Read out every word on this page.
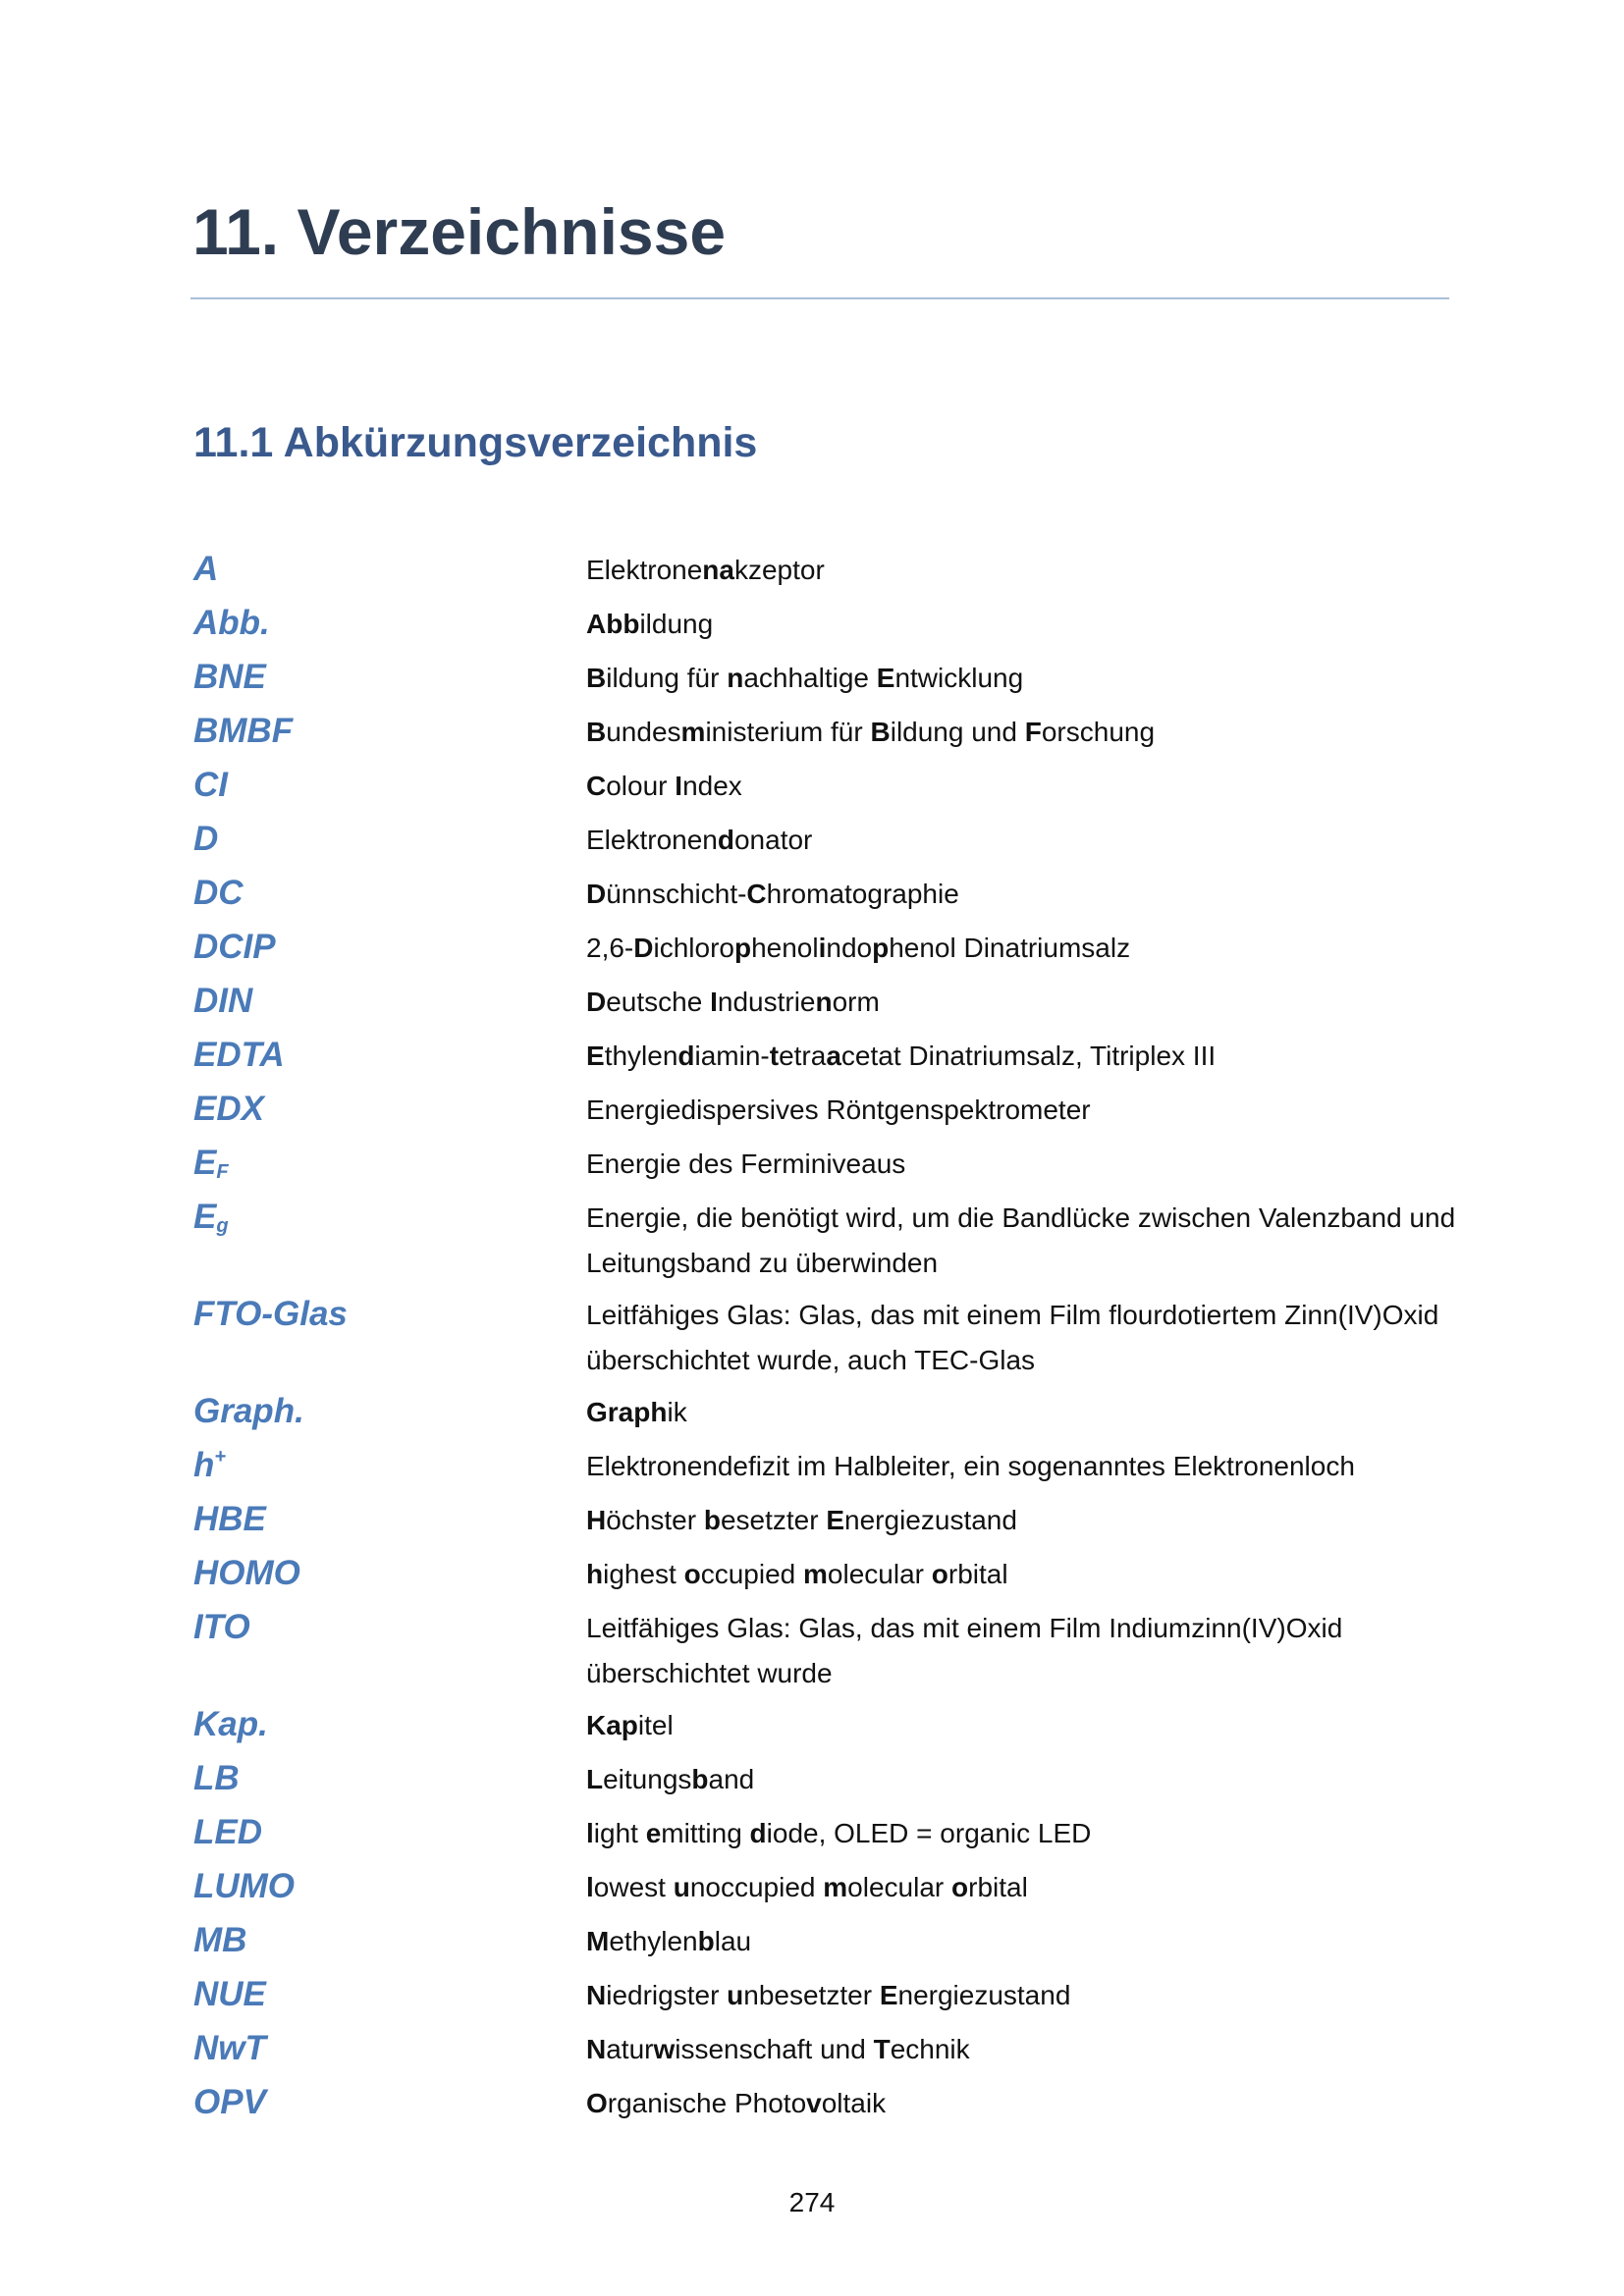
11. Verzeichnisse
11.1 Abkürzungsverzeichnis
A	Elektronenakzeptor
Abb.	Abbildung
BNE	Bildung für nachhaltige Entwicklung
BMBF	Bundesministerium für Bildung und Forschung
CI	Colour Index
D	Elektronendonator
DC	Dünnschicht-Chromatographie
DCIP	2,6-Dichlorophenolindophenol Dinatriumsalz
DIN	Deutsche Industrienorm
EDTA	Ethylendiamin-tetraacetat Dinatriumsalz, Titriplex III
EDX	Energiedispersives Röntgenspektrometer
$E_F$	Energie des Ferminiveaus
$E_g$	Energie, die benötigt wird, um die Bandlücke zwischen Valenzband und Leitungsband zu überwinden
FTO-Glas	Leitfähiges Glas: Glas, das mit einem Film flourdotiertem Zinn(IV)Oxid überschichtet wurde, auch TEC-Glas
Graph.	Graphik
h+	Elektronendefizit im Halbleiter, ein sogenanntes Elektronenloch
HBE	Höchster besetzter Energiezustand
HOMO	highest occupied molecular orbital
ITO	Leitfähiges Glas: Glas, das mit einem Film Indiumzinn(IV)Oxid überschichtet wurde
Kap.	Kapitel
LB	Leitungsband
LED	light emitting diode, OLED = organic LED
LUMO	lowest unoccupied molecular orbital
MB	Methylenblau
NUE	Niedrigster unbesetzter Energiezustand
NwT	Naturwissenschaft und Technik
OPV	Organische Photovoltaik
274
